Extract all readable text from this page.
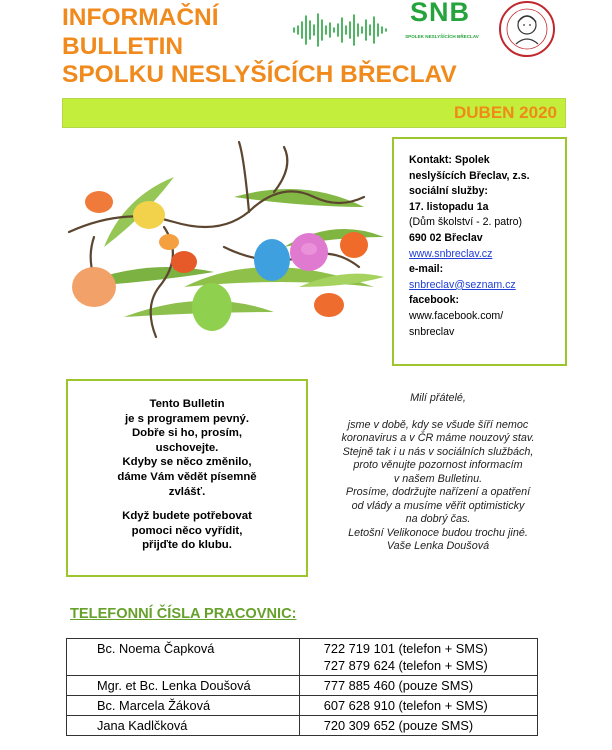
INFORMAČNÍ
BULLETIN
SPOLKU NESLYŠÍCÍCH BŘECLAV
SNB
SPOLEK NESLYŠÍCÍCH BŘECLAV
DUBEN 2020
Kontakt: Spolek
neslyšících Břeclav, z.s.
sociální služby:
17. listopadu 1a
(Dům školství - 2. patro)
690 02 Břeclav
www.snbreclav.cz
e-mail:
snbreclav@seznam.cz
facebook:
www.facebook.com/
snbreclav

Tento Bulletin
je s programem pevný.
Dobře si ho, prosím,
uschovejte.
Kdyby se něco změnilo,
dáme Vám vědět písemně
zvlášť.

Když budete potřebovat
pomoci něco vyřídit,
přijďte do klubu.

Milí přátelé,
jsme v době, kdy se všude šíří nemoc
koronavirus a v ČR máme nouzový stav.
Stejně tak i u nás v sociálních službách,
proto věnujte pozornost informacím
v našem Bulletinu.
Prosíme, dodržujte nařízení a opatření
od vlády a musíme věřit optimisticky
na dobrý čas.
Letošní Velikonoce budou trochu jiné.
Vaše Lenka Doušová
TELEFONNÍ ČÍSLA PRACOVNIC:
Bc. Noema Čapková	722 719 101 (telefon + SMS)
727 879 624 (telefon + SMS)

Mgr. et Bc. Lenka Doušová	777 885 460 (pouze SMS)
Bc. Marcela Žáková	607 628 910 (telefon + SMS)
Jana Kadlčková	720 309 652 (pouze SMS)
